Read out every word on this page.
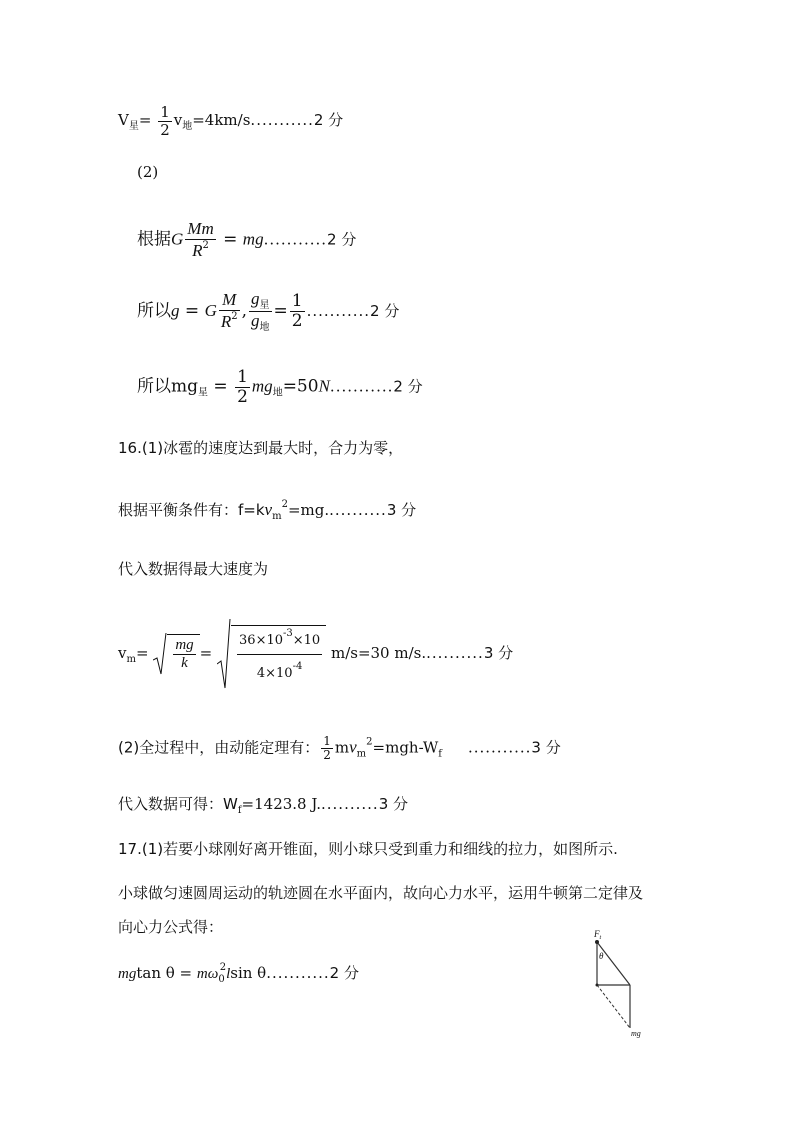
$V_星= \frac{1}{2} v_地=4km/s...........2$ 分
(2)
根据G $\frac{Mm}{R^2} = mg...........2$ 分
所以g = G $\frac{M}{R^2}$ , $\frac{g_星}{g_地} = \frac{1}{2} ...........2$ 分
所以$mg_星 = \frac{1}{2} mg_地=50N...........2$ 分
16.(1)冰雹的速度达到最大时，合力为零，
根据平衡条件有：$f=kv_m^2=mg...........3$ 分
代入数据得最大速度为
$v_m= \frac{mg}{k} = \frac{36\times 10^{-3}\times 10}{4\times 10^{-4}} m/s=30$ m/s...........3 分
(2)全过程中，由动能定理有： $\frac{1}{2} mv_m^2=mgh-W_f$ ...........3 分
代入数据可得：$W_f=1423.8$ J...........3 分
17.(1)若要小球刚好离开锥面，则小球只受到重力和细线的拉力，如图所示.
小球做匀速圆周运动的轨迹圆在水平面内，故向心力水平，运用牛顿第二定律及
向心力公式得：
mgtan $\theta = m\omega_0^2lsin$ θ...........2 分
$F_t$
θ
mg
